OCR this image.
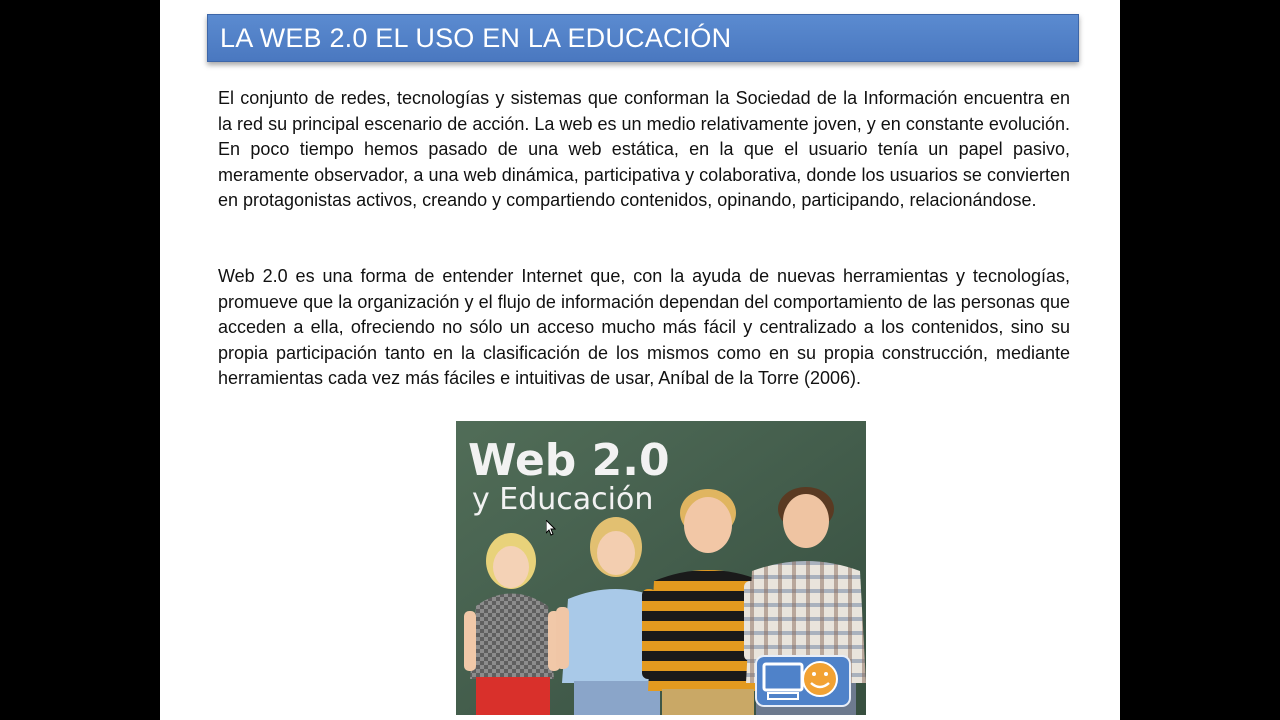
LA WEB 2.0 EL USO EN LA EDUCACIÓN

El conjunto de redes, tecnologías y sistemas que conforman la Sociedad de la Información encuentra en la red su principal escenario de acción. La web es un medio relativamente joven, y en constante evolución. En poco tiempo hemos pasado de una web estática, en la que el usuario tenía un papel pasivo, meramente observador, a una web dinámica, participativa y colaborativa, donde los usuarios se convierten en protagonistas activos, creando y compartiendo contenidos, opinando, participando, relacionándose.

Web 2.0 es una forma de entender Internet que, con la ayuda de nuevas herramientas y tecnologías, promueve que la organización y el flujo de información dependan del comportamiento de las personas que acceden a ella, ofreciendo no sólo un acceso mucho más fácil y centralizado a los contenidos, sino su propia participación tanto en la clasificación de los mismos como en su propia construcción, mediante herramientas cada vez más fáciles e intuitivas de usar, Aníbal de la Torre (2006).

Web 2.0
y Educación
